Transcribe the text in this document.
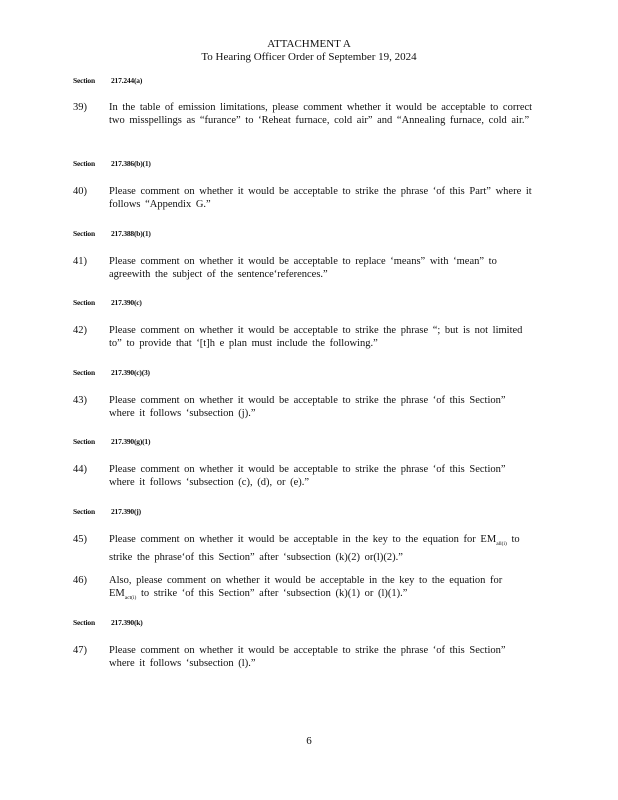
ATTACHMENT A
To Hearing Officer Order of September 19, 2024
Section 217.244(a)
39) In the table of emission limitations, please comment whether it would be acceptable to correct two misspellings as “furance” to ‘Reheat furnace, cold air” and “Annealing furnace, cold air.”
Section 217.386(b)(1)
40) Please comment on whether it would be acceptable to strike the phrase ‘of this Part” where it follows “Appendix G.”
Section 217.388(b)(1)
41) Please comment on whether it would be acceptable to replace ‘means” with ‘mean” to agreewith the subject of the sentence‘references.”
Section 217.390(c)
42) Please comment on whether it would be acceptable to strike the phrase “; but is not limited to” to provide that ‘[t]h e plan must include the following.”
Section 217.390(c)(3)
43) Please comment on whether it would be acceptable to strike the phrase ‘of this Section” where it follows ‘subsection (j).”
Section 217.390(g)(1)
44) Please comment on whether it would be acceptable to strike the phrase ‘of this Section” where it follows ‘subsection (c), (d), or (e).”
Section 217.390(j)
45) Please comment on whether it would be acceptable in the key to the equation for $EM_{all(i)}$ to strike the phrase‘of this Section” after ‘subsection (k)(2) or(l)(2).”
46) Also, please comment on whether it would be acceptable in the key to the equation for $EM_{act(i)}$ to strike ‘of this Section” after ‘subsection (k)(1) or (l)(1).”
Section 217.390(k)
47) Please comment on whether it would be acceptable to strike the phrase ‘of this Section” where it follows ‘subsection (l).”
6
